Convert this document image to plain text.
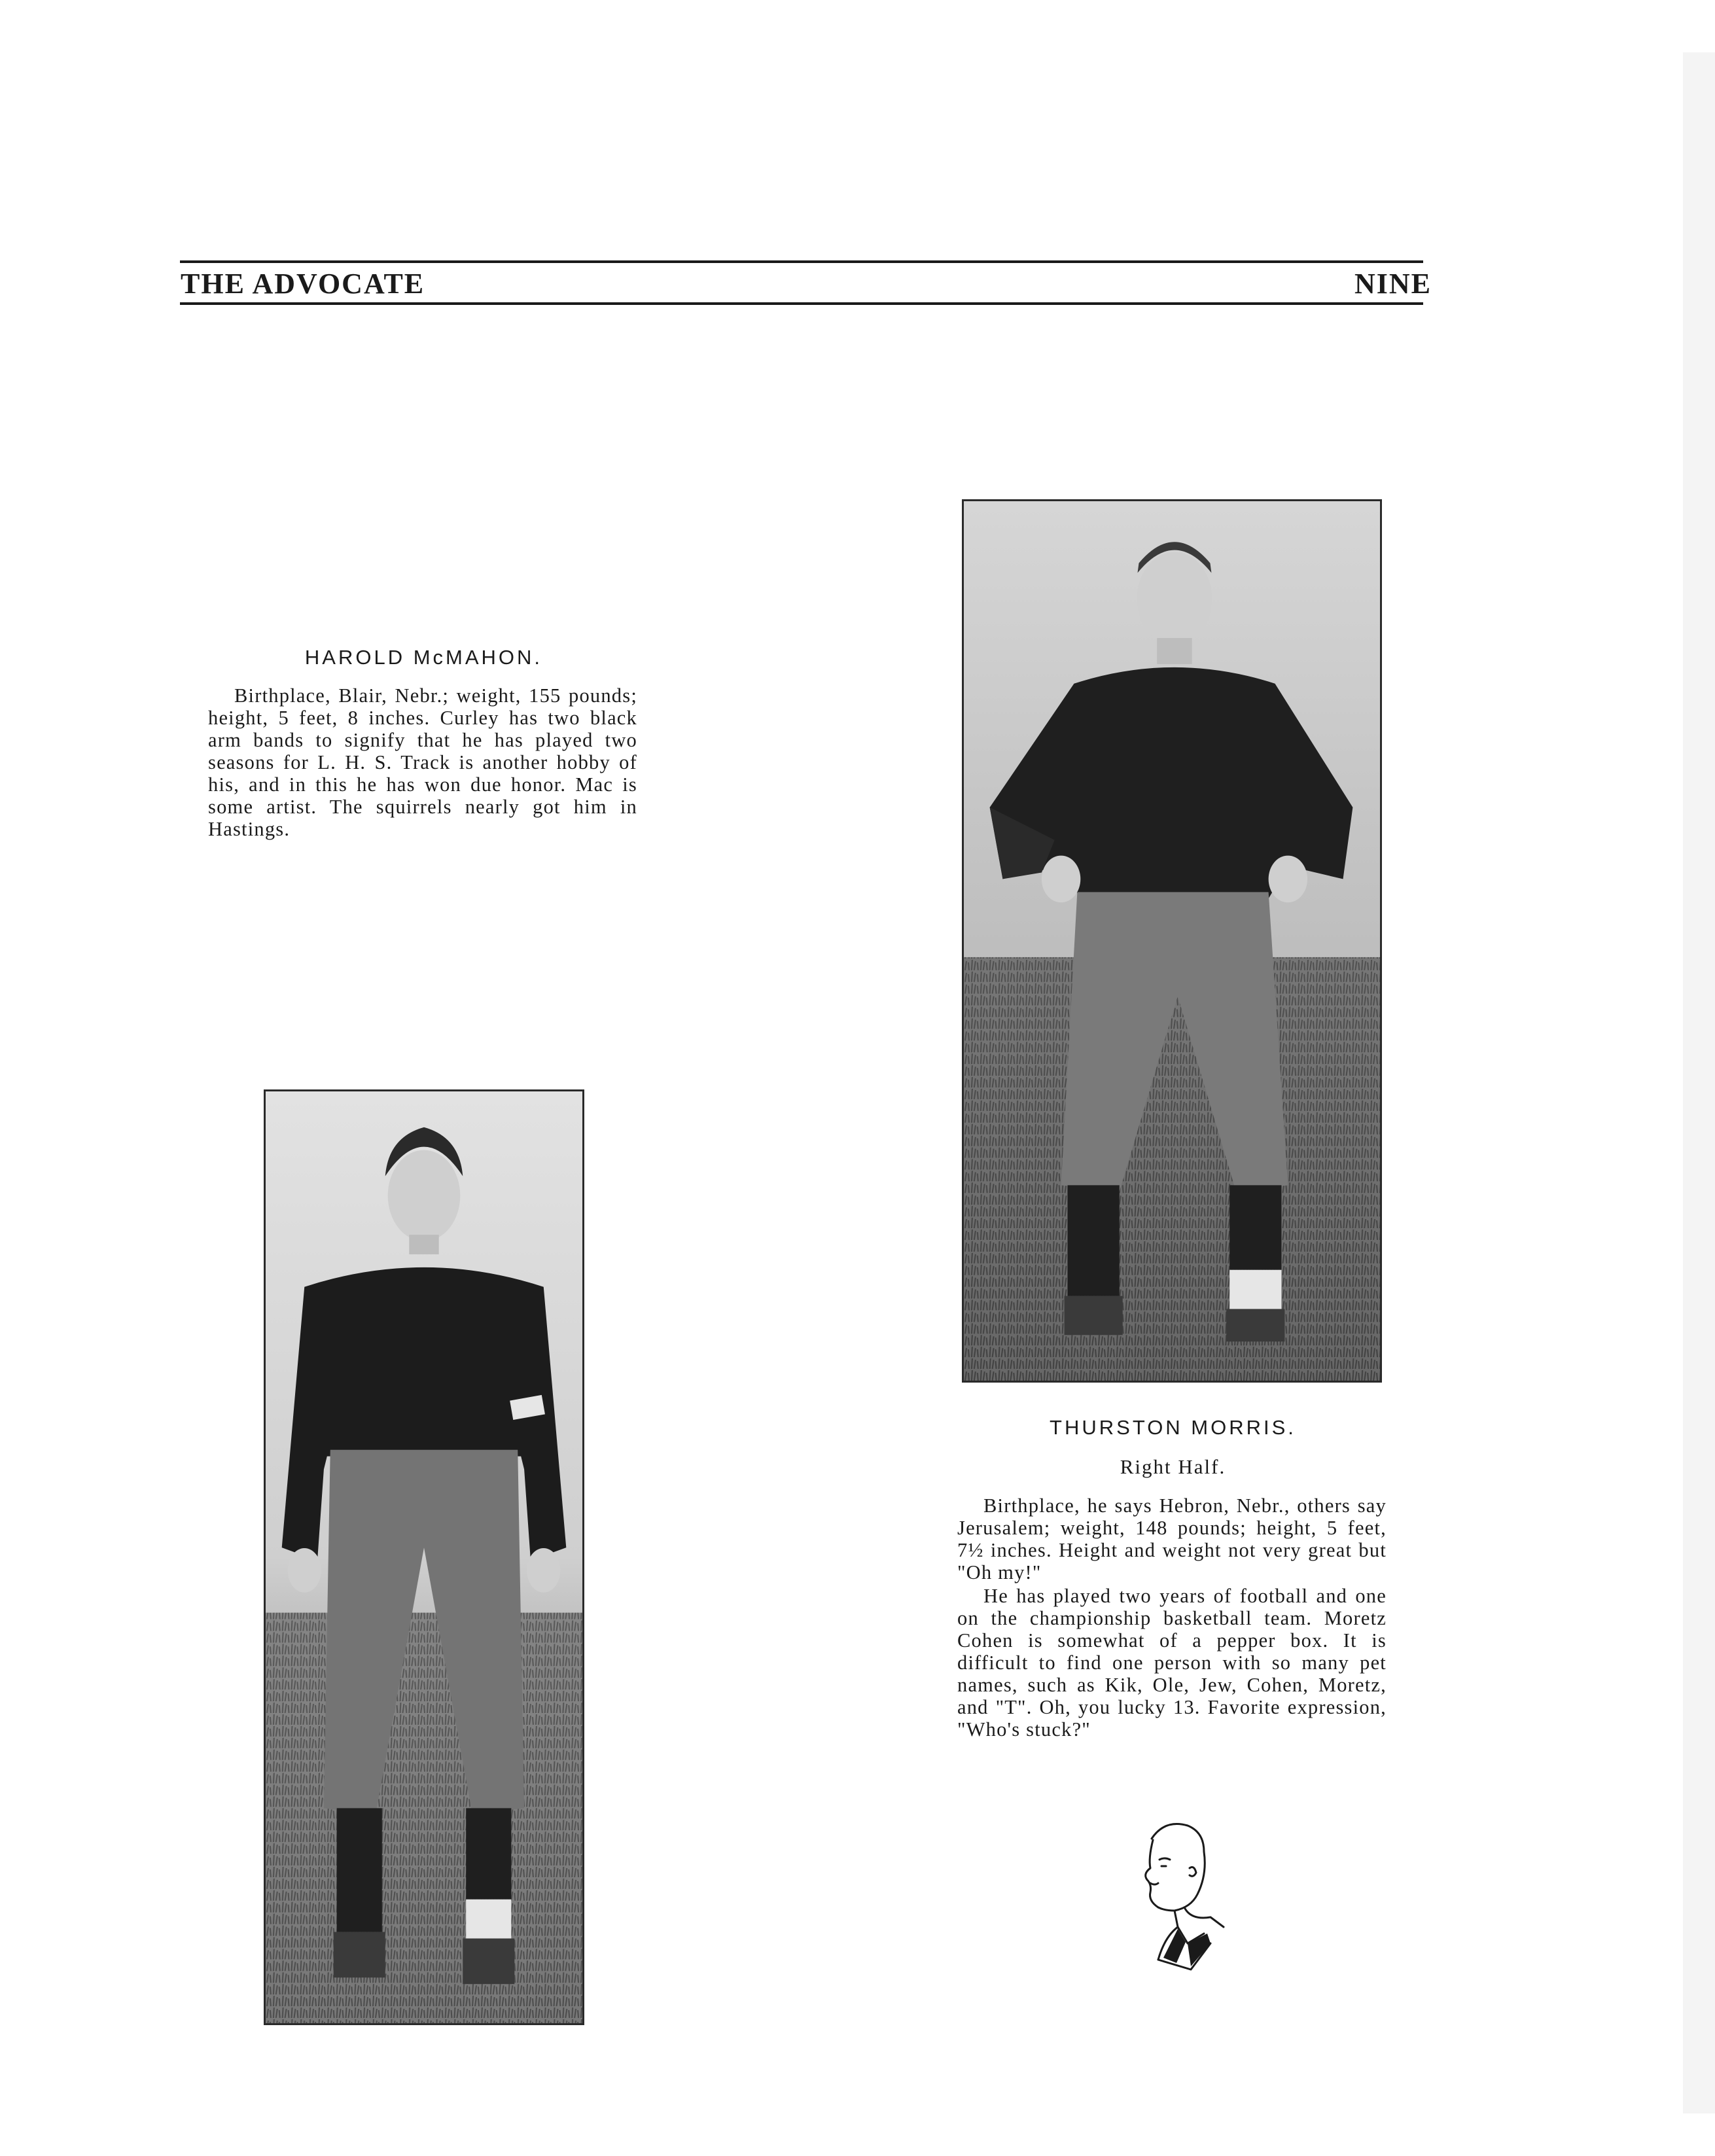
THE ADVOCATE	NINE
HAROLD McMAHON.

Birthplace, Blair, Nebr.; weight, 155 pounds; height, 5 feet, 8 inches. Curley has two black arm bands to signify that he has played two seasons for L. H. S. Track is another hobby of his, and in this he has won due honor. Mac is some artist. The squirrels nearly got him in Hastings.

THURSTON MORRIS.
Right Half.

Birthplace, he says Hebron, Nebr., others say Jerusalem; weight, 148 pounds; height, 5 feet, 7½ inches. Height and weight not very great but "Oh my!"

He has played two years of football and one on the championship basketball team. Moretz Cohen is somewhat of a pepper box. It is difficult to find one person with so many pet names, such as Kik, Ole, Jew, Cohen, Moretz, and "T". Oh, you lucky 13. Favorite expression, "Who's stuck?"
